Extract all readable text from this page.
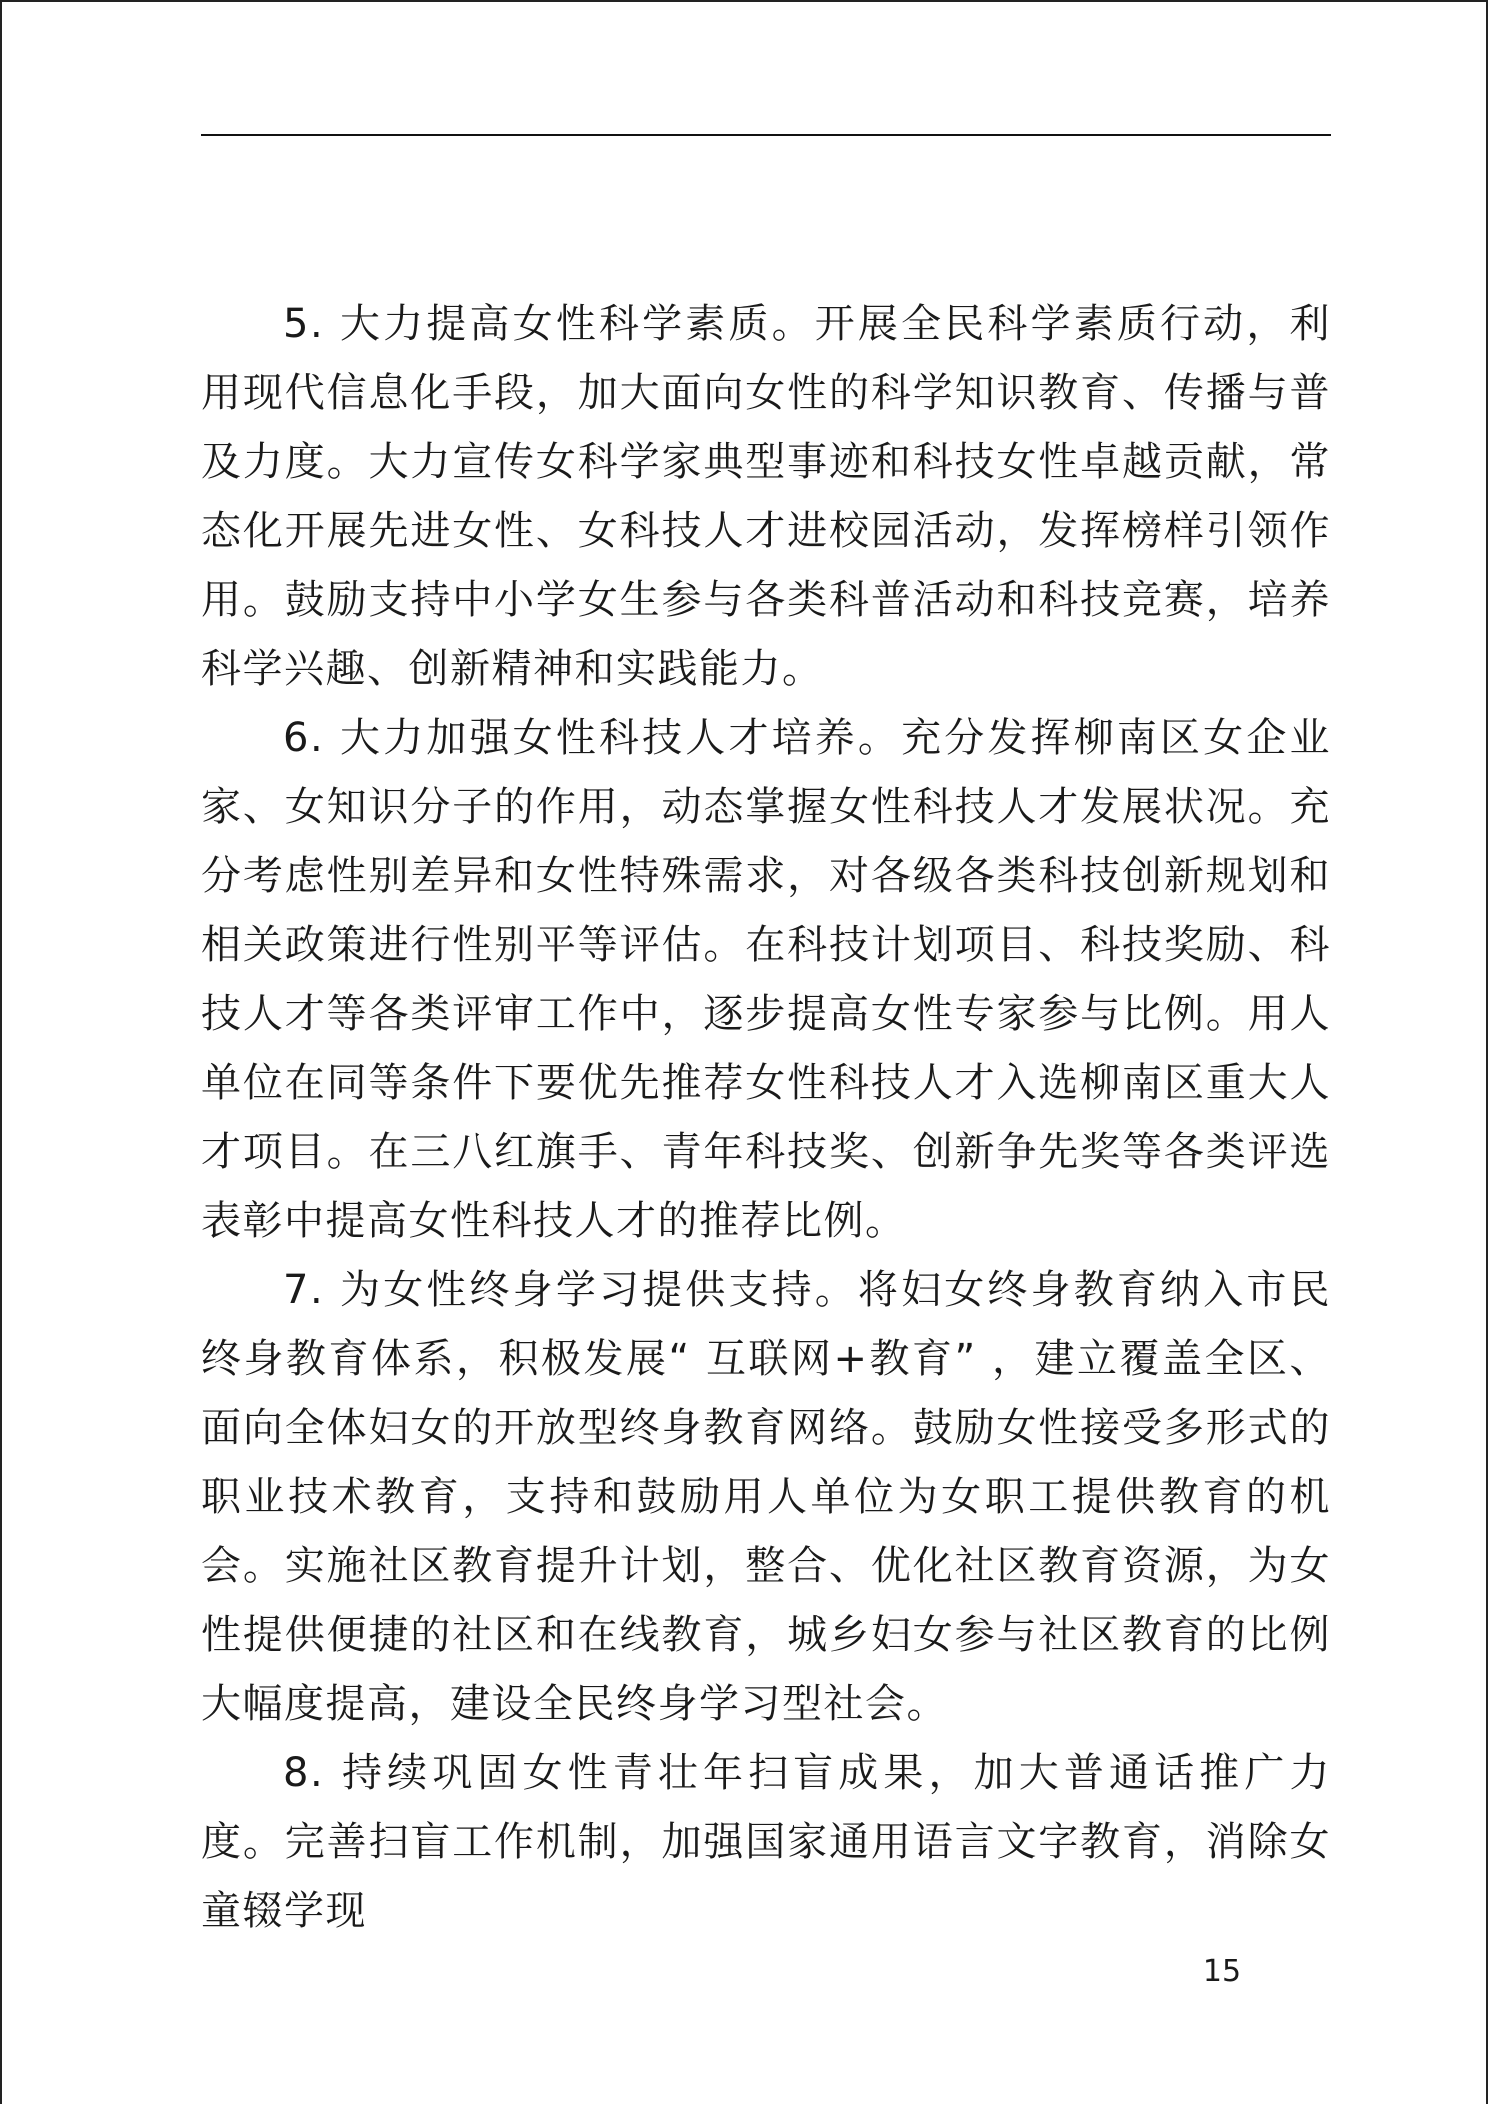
5. 大力提高女性科学素质。开展全民科学素质行动，利用现代信息化手段，加大面向女性的科学知识教育、传播与普及力度。大力宣传女科学家典型事迹和科技女性卓越贡献，常态化开展先进女性、女科技人才进校园活动，发挥榜样引领作用。鼓励支持中小学女生参与各类科普活动和科技竞赛，培养科学兴趣、创新精神和实践能力。

6. 大力加强女性科技人才培养。充分发挥柳南区女企业家、女知识分子的作用，动态掌握女性科技人才发展状况。充分考虑性别差异和女性特殊需求，对各级各类科技创新规划和相关政策进行性别平等评估。在科技计划项目、科技奖励、科技人才等各类评审工作中，逐步提高女性专家参与比例。用人单位在同等条件下要优先推荐女性科技人才入选柳南区重大人才项目。在三八红旗手、青年科技奖、创新争先奖等各类评选表彰中提高女性科技人才的推荐比例。

7. 为女性终身学习提供支持。将妇女终身教育纳入市民终身教育体系，积极发展“ 互联网+教育” ，建立覆盖全区、面向全体妇女的开放型终身教育网络。鼓励女性接受多形式的职业技术教育，支持和鼓励用人单位为女职工提供教育的机会。实施社区教育提升计划，整合、优化社区教育资源，为女性提供便捷的社区和在线教育，城乡妇女参与社区教育的比例大幅度提高，建设全民终身学习型社会。

8. 持续巩固女性青壮年扫盲成果，加大普通话推广力度。完善扫盲工作机制，加强国家通用语言文字教育，消除女童辍学现

15
